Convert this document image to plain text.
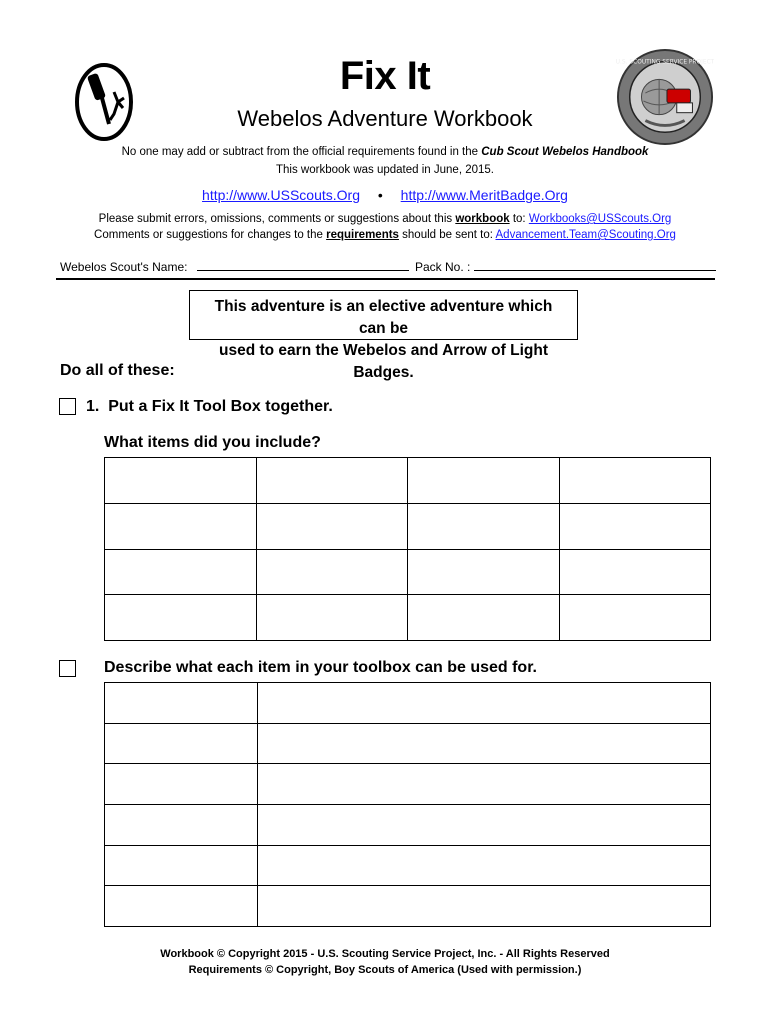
U.S. SCOUTING SERVICE PROJECT
Fix It
Webelos Adventure Workbook
No one may add or subtract from the official requirements found in the Cub Scout Webelos Handbook
This workbook was updated in June, 2015.
http://www.USScouts.Org • http://www.MeritBadge.Org
Please submit errors, omissions, comments or suggestions about this workbook to: Workbooks@USScouts.Org
Comments or suggestions for changes to the requirements should be sent to: Advancement.Team@Scouting.Org
Webelos Scout's Name:	Pack No. :
This adventure is an elective adventure which can be
used to earn the Webelos and Arrow of Light Badges.
Do all of these:
1. Put a Fix It Tool Box together.
What items did you include?

Describe what each item in your toolbox can be used for.

Workbook © Copyright 2015 - U.S. Scouting Service Project, Inc. - All Rights Reserved
Requirements © Copyright, Boy Scouts of America (Used with permission.)
